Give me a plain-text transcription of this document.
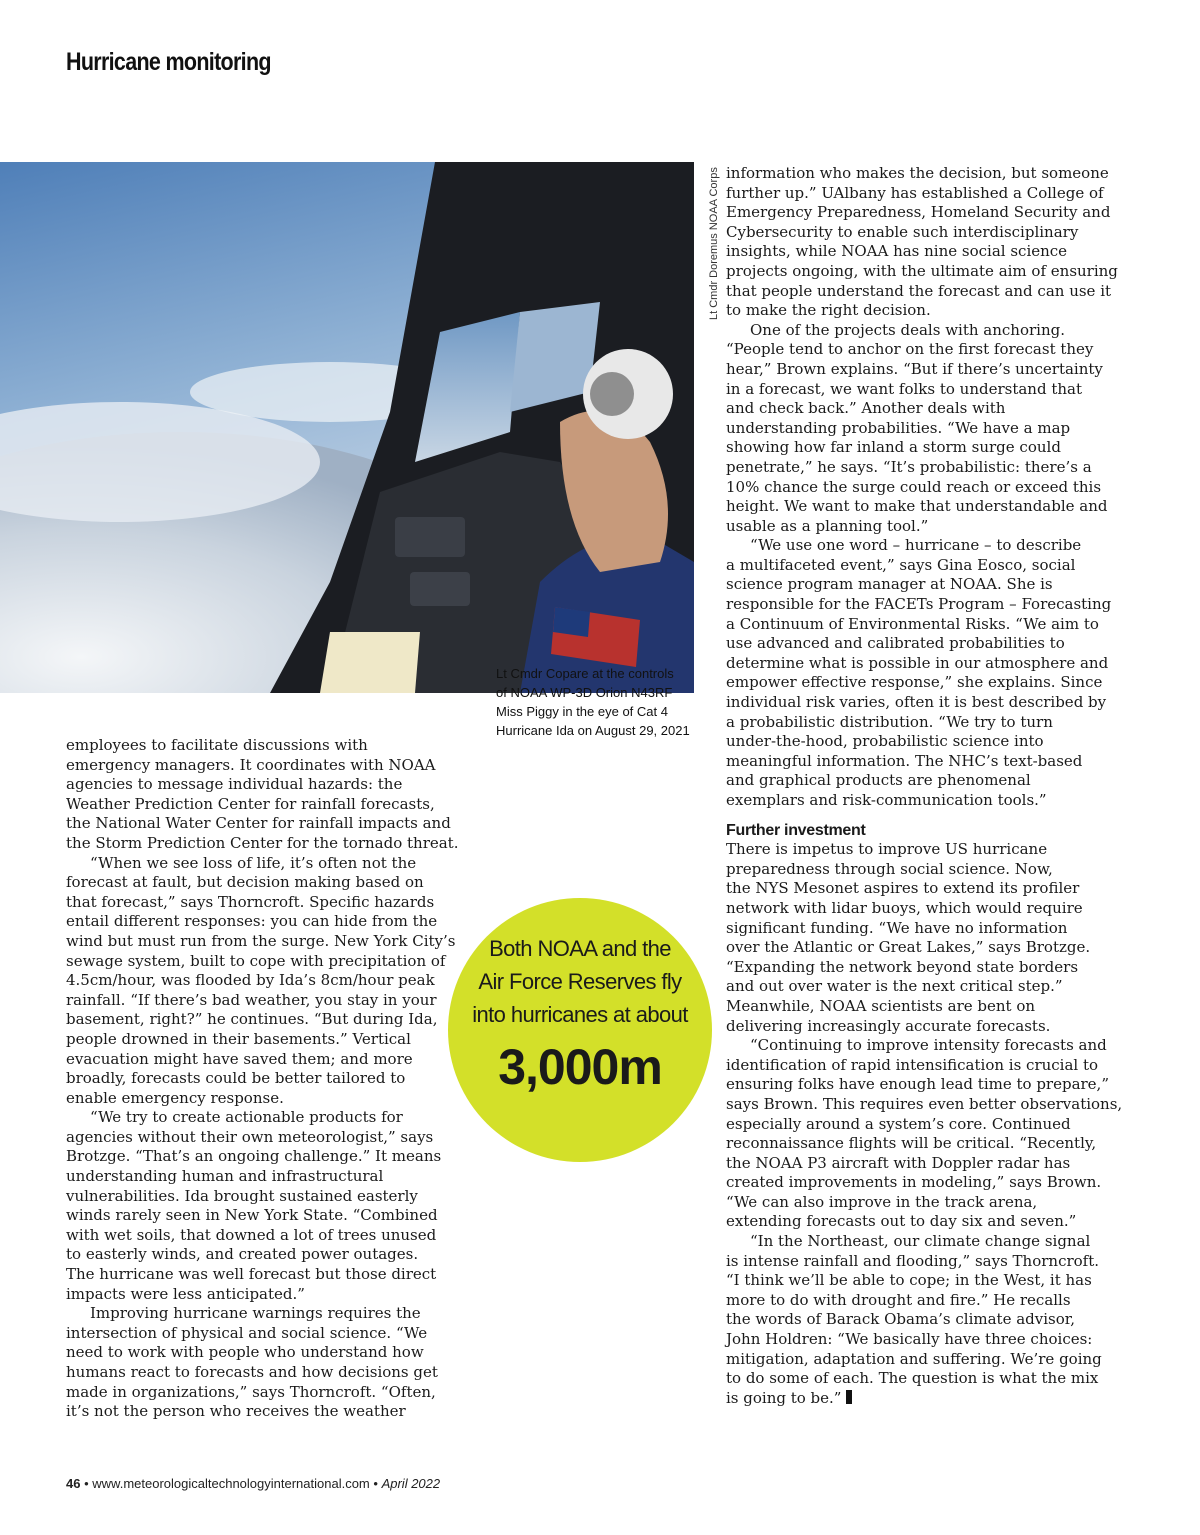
Hurricane monitoring
Lt Cmdr Doremus NOAA Corps

Lt Cmdr Copare at the controls
of NOAA WP-3D Orion N43RF
Miss Piggy in the eye of Cat 4
Hurricane Ida on August 29, 2021

employees to facilitate discussions with
emergency managers. It coordinates with NOAA
agencies to message individual hazards: the
Weather Prediction Center for rainfall forecasts,
the National Water Center for rainfall impacts and
the Storm Prediction Center for the tornado threat.

“When we see loss of life, it’s often not the
forecast at fault, but decision making based on
that forecast,” says Thorncroft. Specific hazards
entail different responses: you can hide from the
wind but must run from the surge. New York City’s
sewage system, built to cope with precipitation of
4.5cm/hour, was flooded by Ida’s 8cm/hour peak
rainfall. “If there’s bad weather, you stay in your
basement, right?” he continues. “But during Ida,
people drowned in their basements.” Vertical
evacuation might have saved them; and more
broadly, forecasts could be better tailored to
enable emergency response.

“We try to create actionable products for
agencies without their own meteorologist,” says
Brotzge. “That’s an ongoing challenge.” It means
understanding human and infrastructural
vulnerabilities. Ida brought sustained easterly
winds rarely seen in New York State. “Combined
with wet soils, that downed a lot of trees unused
to easterly winds, and created power outages.
The hurricane was well forecast but those direct
impacts were less anticipated.”

Improving hurricane warnings requires the
intersection of physical and social science. “We
need to work with people who understand how
humans react to forecasts and how decisions get
made in organizations,” says Thorncroft. “Often,
it’s not the person who receives the weather

information who makes the decision, but someone
further up.” UAlbany has established a College of
Emergency Preparedness, Homeland Security and
Cybersecurity to enable such interdisciplinary
insights, while NOAA has nine social science
projects ongoing, with the ultimate aim of ensuring
that people understand the forecast and can use it
to make the right decision.

One of the projects deals with anchoring.
“People tend to anchor on the first forecast they
hear,” Brown explains. “But if there’s uncertainty
in a forecast, we want folks to understand that
and check back.” Another deals with
understanding probabilities. “We have a map
showing how far inland a storm surge could
penetrate,” he says. “It’s probabilistic: there’s a
10% chance the surge could reach or exceed this
height. We want to make that understandable and
usable as a planning tool.”

“We use one word – hurricane – to describe
a multifaceted event,” says Gina Eosco, social
science program manager at NOAA. She is
responsible for the FACETs Program – Forecasting
a Continuum of Environmental Risks. “We aim to
use advanced and calibrated probabilities to
determine what is possible in our atmosphere and
empower effective response,” she explains. Since
individual risk varies, often it is best described by
a probabilistic distribution. “We try to turn
under-the-hood, probabilistic science into
meaningful information. The NHC’s text-based
and graphical products are phenomenal
exemplars and risk-communication tools.”

Further investment

There is impetus to improve US hurricane
preparedness through social science. Now,
the NYS Mesonet aspires to extend its profiler
network with lidar buoys, which would require
significant funding. “We have no information
over the Atlantic or Great Lakes,” says Brotzge.
“Expanding the network beyond state borders
and out over water is the next critical step.”
Meanwhile, NOAA scientists are bent on
delivering increasingly accurate forecasts.

“Continuing to improve intensity forecasts and
identification of rapid intensification is crucial to
ensuring folks have enough lead time to prepare,”
says Brown. This requires even better observations,
especially around a system’s core. Continued
reconnaissance flights will be critical. “Recently,
the NOAA P3 aircraft with Doppler radar has
created improvements in modeling,” says Brown.
“We can also improve in the track arena,
extending forecasts out to day six and seven.”

“In the Northeast, our climate change signal
is intense rainfall and flooding,” says Thorncroft.
“I think we’ll be able to cope; in the West, it has
more to do with drought and fire.” He recalls
the words of Barack Obama’s climate advisor,
John Holdren: “We basically have three choices:
mitigation, adaptation and suffering. We’re going
to do some of each. The question is what the mix
is going to be.”

Both NOAA and the
Air Force Reserves fly
into hurricanes at about
3,000m
46 • www.meteorologicaltechnologyinternational.com • April 2022
